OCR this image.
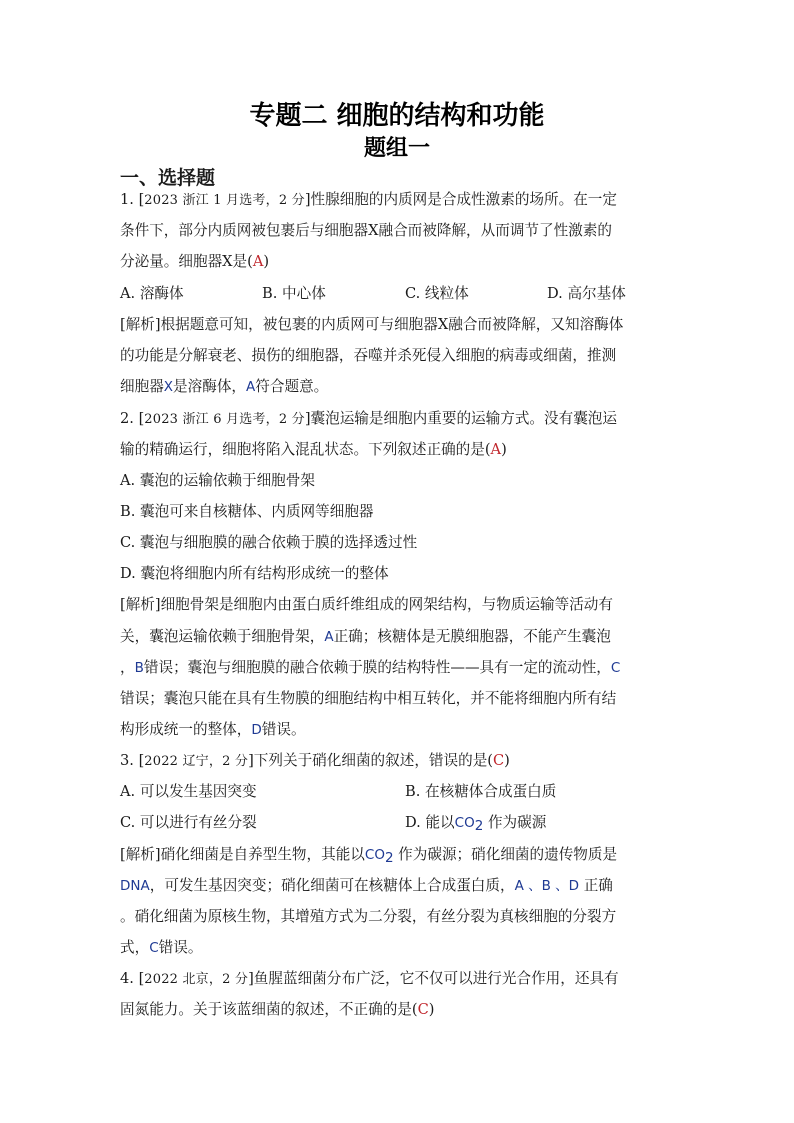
专题二 细胞的结构和功能
题组一
一、选择题
1. [2023 浙江 1 月选考，2 分]性腺细胞的内质网是合成性激素的场所。在一定
条件下，部分内质网被包裹后与细胞器X融合而被降解，从而调节了性激素的
分泌量。细胞器X是(A)
A. 溶酶体	B. 中心体	C. 线粒体	D. 高尔基体
[解析]根据题意可知，被包裹的内质网可与细胞器X融合而被降解，又知溶酶体
的功能是分解衰老、损伤的细胞器，吞噬并杀死侵入细胞的病毒或细菌，推测
细胞器X是溶酶体，A符合题意。
2. [2023 浙江 6 月选考，2 分]囊泡运输是细胞内重要的运输方式。没有囊泡运
输的精确运行，细胞将陷入混乱状态。下列叙述正确的是(A)
A. 囊泡的运输依赖于细胞骨架
B. 囊泡可来自核糖体、内质网等细胞器
C. 囊泡与细胞膜的融合依赖于膜的选择透过性
D. 囊泡将细胞内所有结构形成统一的整体
[解析]细胞骨架是细胞内由蛋白质纤维组成的网架结构，与物质运输等活动有
关，囊泡运输依赖于细胞骨架，A正确；核糖体是无膜细胞器，不能产生囊泡
，B错误；囊泡与细胞膜的融合依赖于膜的结构特性——具有一定的流动性，C
错误；囊泡只能在具有生物膜的细胞结构中相互转化，并不能将细胞内所有结
构形成统一的整体，D错误。
3. [2022 辽宁，2 分]下列关于硝化细菌的叙述，错误的是(C)
A. 可以发生基因突变	B. 在核糖体合成蛋白质
C. 可以进行有丝分裂	D. 能以$CO_2$ 作为碳源
[解析]硝化细菌是自养型生物，其能以$CO_2$ 作为碳源；硝化细菌的遗传物质是
DNA，可发生基因突变；硝化细菌可在核糖体上合成蛋白质，A 、B 、D 正确
。硝化细菌为原核生物，其增殖方式为二分裂，有丝分裂为真核细胞的分裂方
式，C错误。
4. [2022 北京，2 分]鱼腥蓝细菌分布广泛，它不仅可以进行光合作用，还具有
固氮能力。关于该蓝细菌的叙述，不正确的是(C)
